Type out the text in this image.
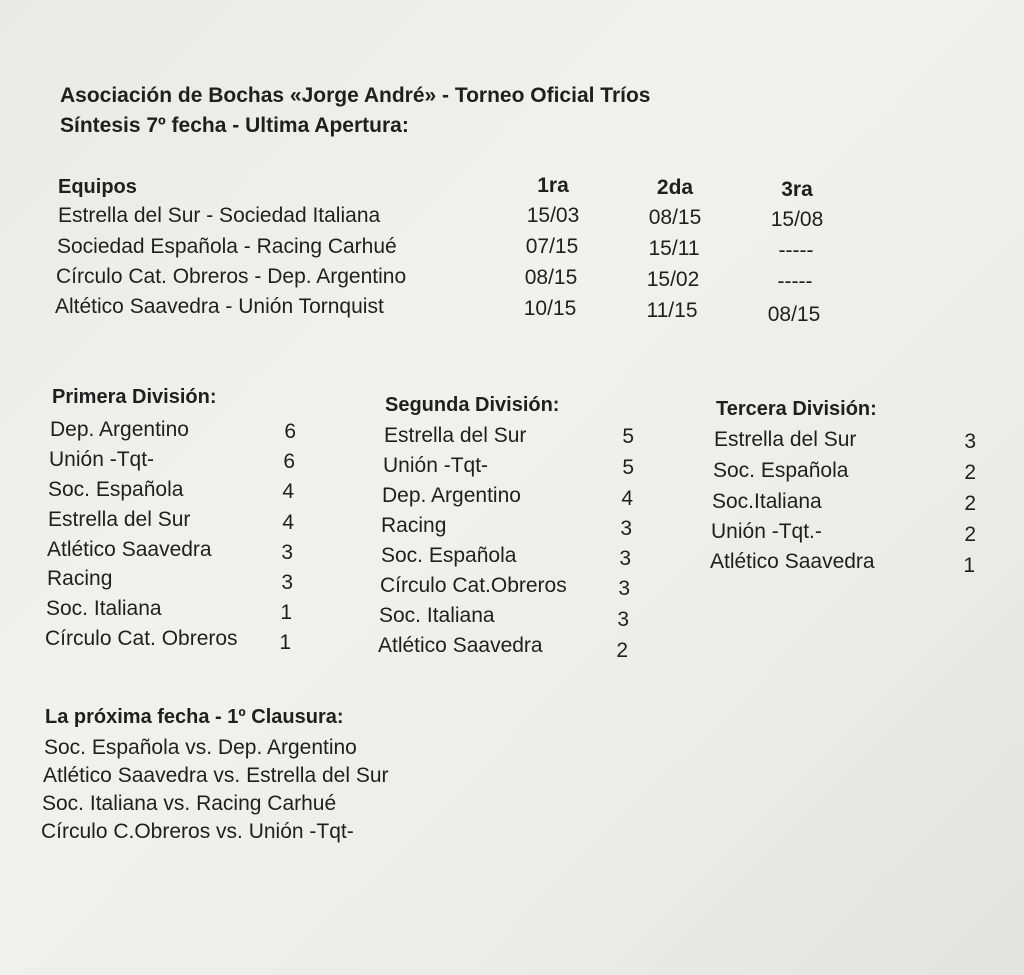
Asociación de Bochas «Jorge André» - Torneo Oficial Tríos
Síntesis 7º fecha - Ultima Apertura:
Equipos	1ra	2da	3ra
Estrella del Sur - Sociedad Italiana	15/03	08/15	15/08
Sociedad Española - Racing Carhué	07/15	15/11	-----
Círculo Cat. Obreros - Dep. Argentino	08/15	15/02	-----
Altético Saavedra - Unión Tornquist	10/15	11/15	08/15
Primera División:
Dep. Argentino	6
Unión -Tqt-	6
Soc. Española	4
Estrella del Sur	4
Atlético Saavedra	3
Racing	3
Soc. Italiana	1
Círculo Cat. Obreros	1
Segunda División:
Estrella del Sur	5
Unión -Tqt-	5
Dep. Argentino	4
Racing	3
Soc. Española	3
Círculo Cat.Obreros	3
Soc. Italiana	3
Atlético Saavedra	2
Tercera División:
Estrella del Sur	3
Soc. Española	2
Soc.Italiana	2
Unión -Tqt.-	2
Atlético Saavedra	1
La próxima fecha - 1º Clausura:
Soc. Española vs. Dep. Argentino
Atlético Saavedra vs. Estrella del Sur
Soc. Italiana vs. Racing Carhué
Círculo C.Obreros vs. Unión -Tqt-
